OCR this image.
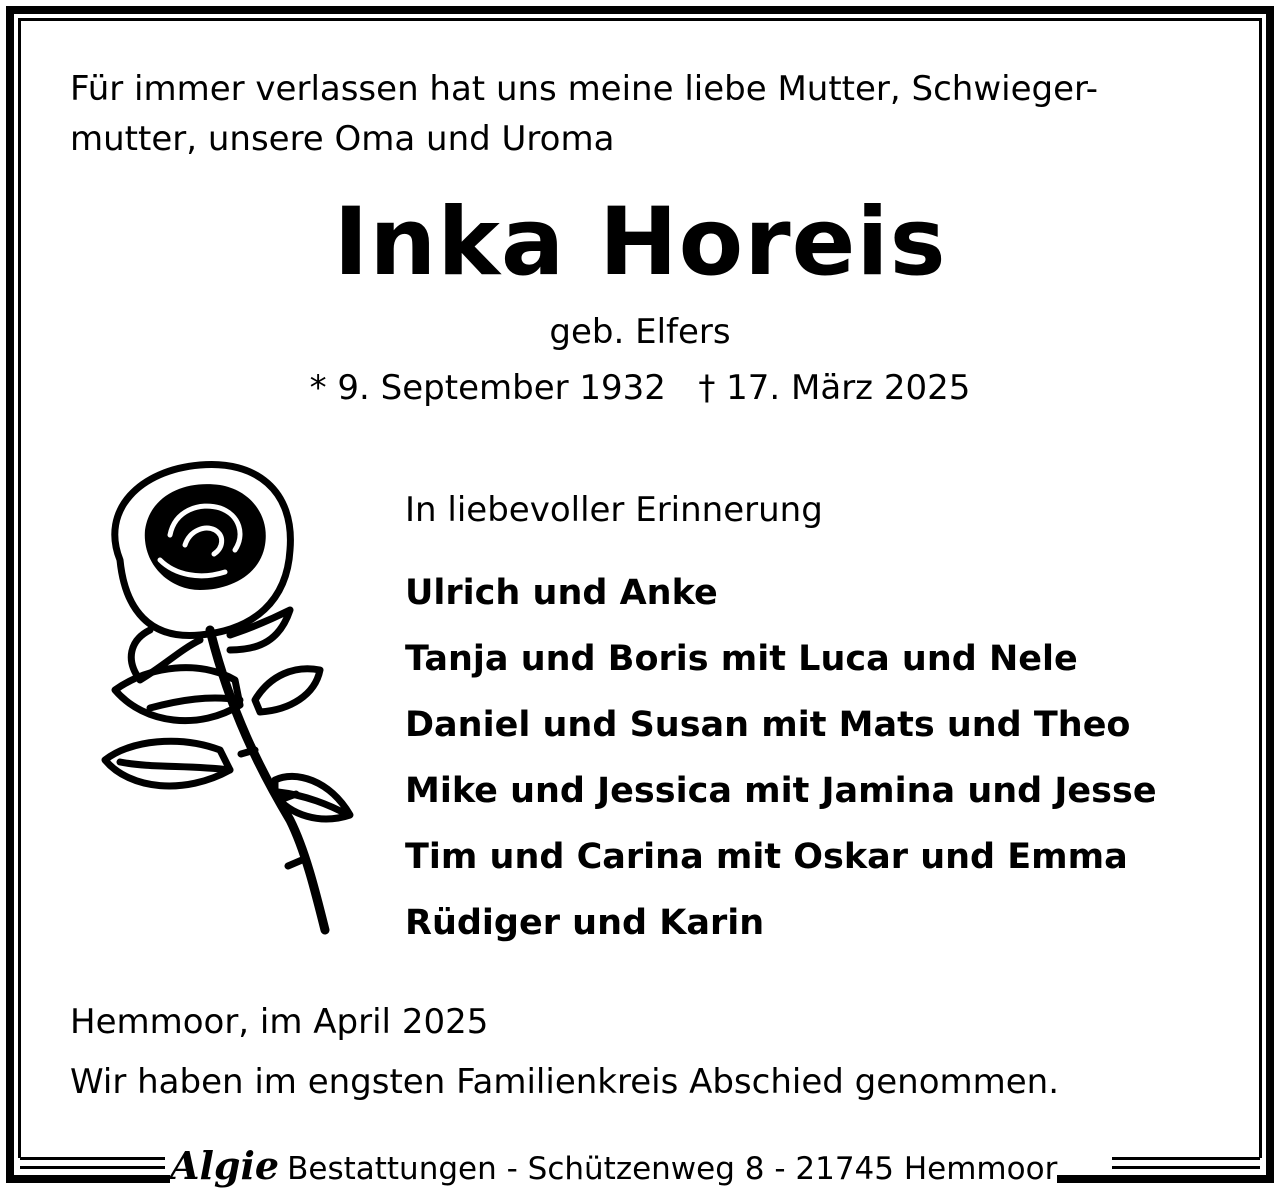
Für immer verlassen hat uns meine liebe Mutter, Schwieger-
mutter, unsere Oma und Uroma
Inka Horeis
geb. Elfers
* 9. September 1932   † 17. März 2025
In liebevoller Erinnerung
Ulrich und Anke
Tanja und Boris mit Luca und Nele
Daniel und Susan mit Mats und Theo
Mike und Jessica mit Jamina und Jesse
Tim und Carina mit Oskar und Emma
Rüdiger und Karin
Hemmoor, im April 2025
Wir haben im engsten Familienkreis Abschied genommen.
Algie Bestattungen - Schützenweg 8 - 21745 Hemmoor
